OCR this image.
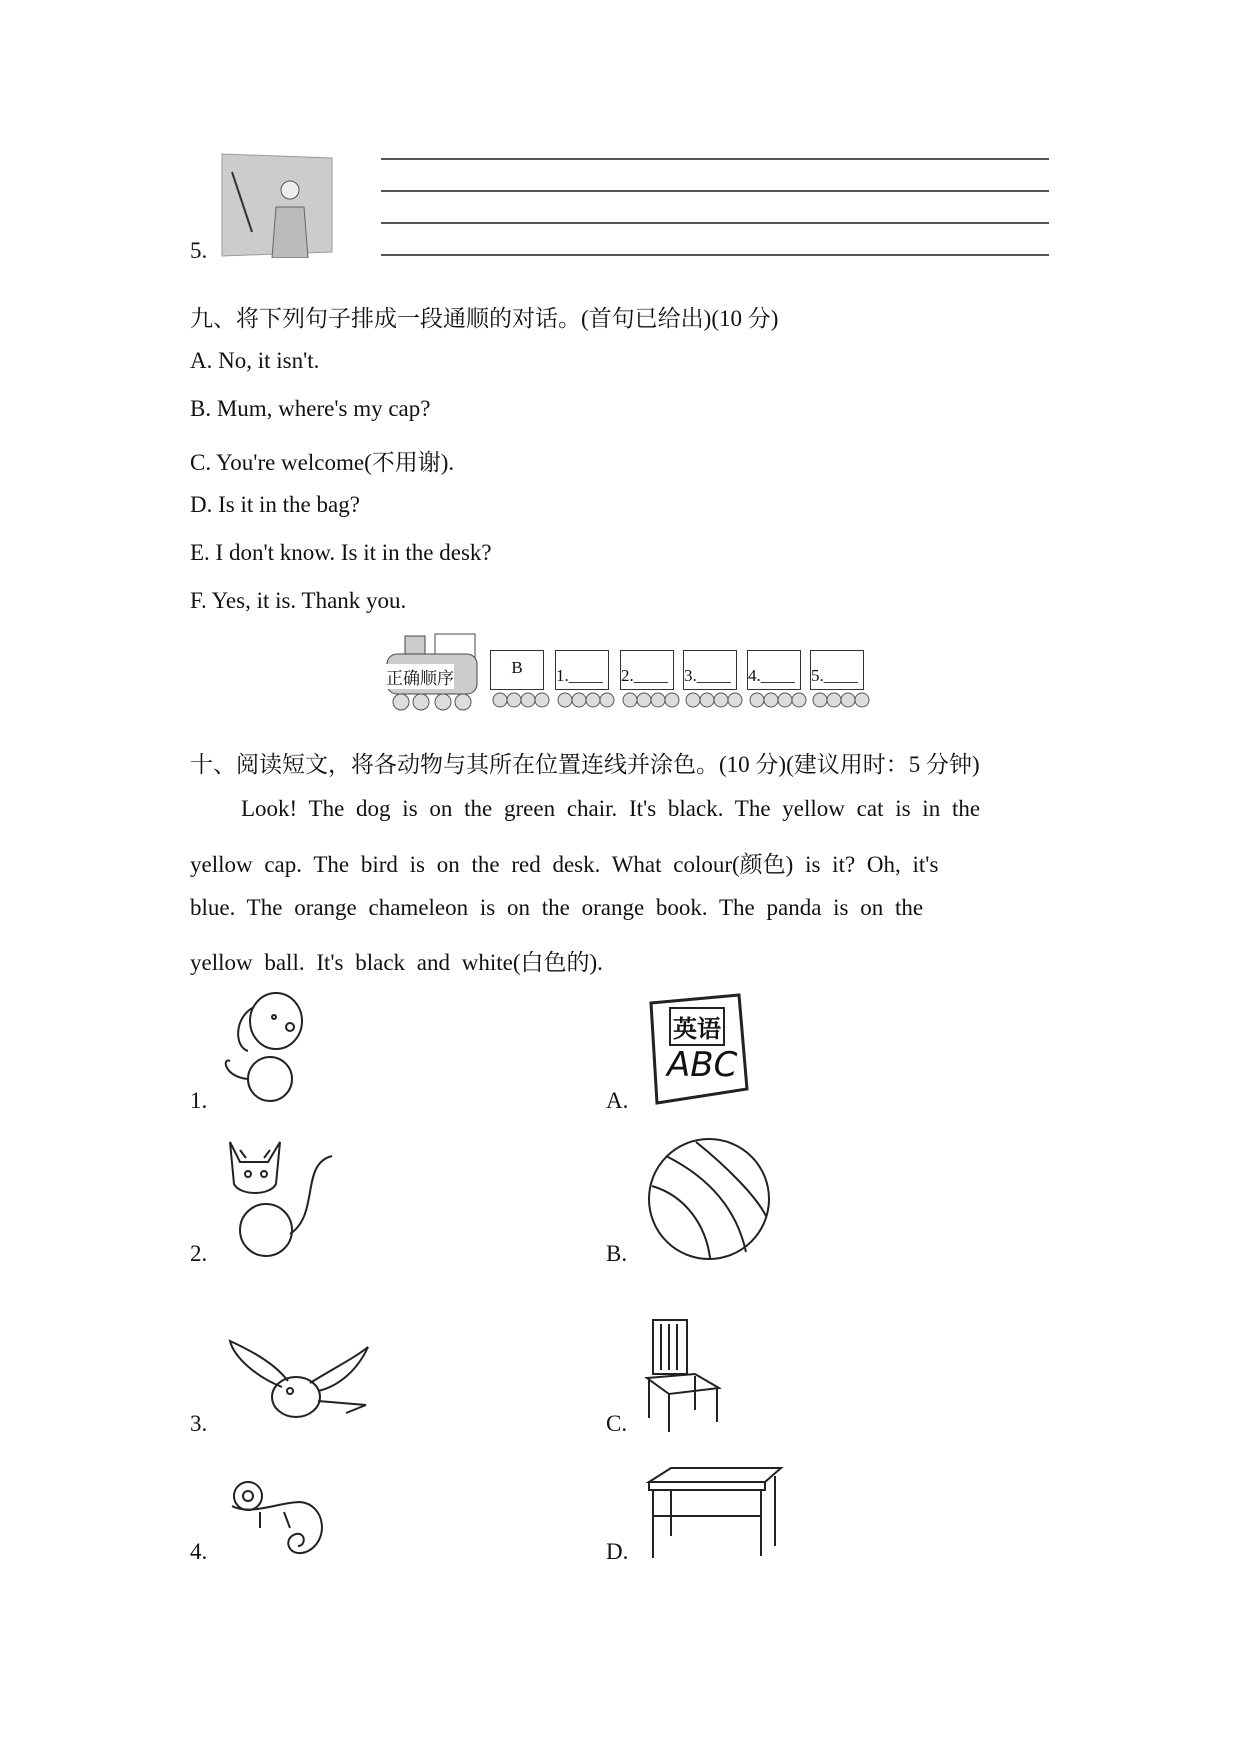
5.
九、将下列句子排成一段通顺的对话。(首句已给出)(10 分)
A. No, it isn't.
B. Mum, where's my cap?
C. You're welcome(不用谢).
D. Is it in the bag?
E. I don't know. Is it in the desk?
F. Yes, it is. Thank you.
正确顺序
B	1.____	2.____ 3.____	4.____ 5.____
十、阅读短文，将各动物与其所在位置连线并涂色。(10 分)(建议用时：5 分钟)
Look! The dog is on the green chair. It's black. The yellow cat is in the
yellow cap. The bird is on the red desk. What colour(颜色) is it? Oh, it's
blue. The orange chameleon is on the orange book. The panda is on the
yellow ball. It's black and white(白色的).
1.
2.
3.
4.
A.
英语
ABC
B.
C.
D.
